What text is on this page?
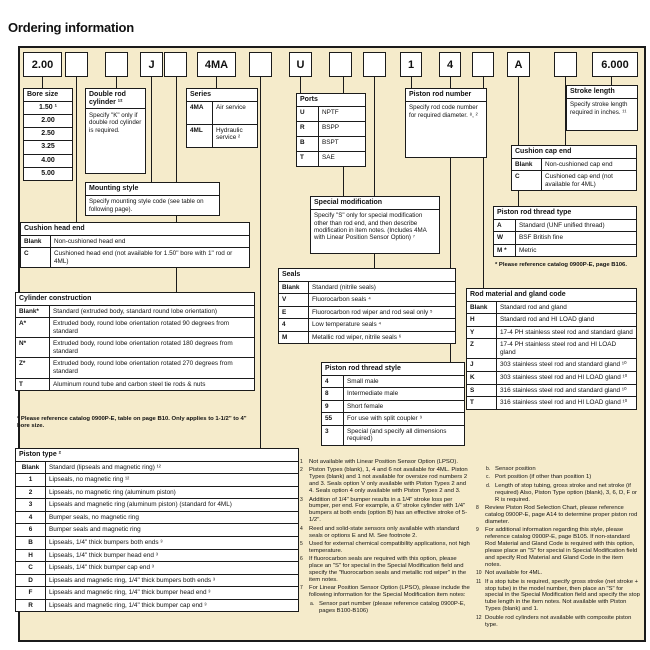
Ordering information
2.00	J	4MA	U	1	4	A	6.000
Bore size
1.50 ¹
2.00
2.50
3.25
4.00
5.00
Double rod cylinder ¹²
Specify "K" only if double rod cylinder is required.
Series
4MA	Air service
4ML	Hydraulic service ²
Ports
U	NPTF
R	BSPP
B	BSPT
T	SAE
Piston rod number
Specify rod code number for required diameter. ⁸, ²
Stroke length
Specify stroke length required in inches. ¹¹
Mounting style
Specify mounting style code (see table on following page).
Special modification
Specify "S" only for special modification other than rod end, and then describe modification in item notes. (Includes 4MA with Linear Position Sensor Option) ⁷
Cushion cap end
Blank	Non-cushioned cap end
C	Cushioned cap end (not available for 4ML)
Piston rod thread type
A	Standard (UNF unified thread)
W	BSF British fine
M *	Metric
* Please reference catalog 0900P-E, page B106.
Cushion head end
Blank	Non-cushioned head end
C	Cushioned head end (not available for 1.50" bore with 1" rod or 4ML)
Seals
Blank	Standard (nitrile seals)
V	Fluorocarbon seals ⁴
E	Fluorocarbon rod wiper and rod seal only ⁵
4	Low temperature seals ⁴
M	Metallic rod wiper, nitrile seals ⁶
Cylinder construction
Blank*	Standard (extruded body, standard round lobe orientation)
A*	Extruded body, round lobe orientation rotated 90 degrees from standard
N*	Extruded body, round lobe orientation rotated 180 degrees from standard
Z*	Extruded body, round lobe orientation rotated 270 degrees from standard
T	Aluminum round tube and carbon steel tie rods & nuts
* Please reference catalog 0900P-E, table on page B10. Only applies to 1-1/2" to 4" bore size.
Piston rod thread style
4	Small male
8	Intermediate male
9	Short female
55	For use with split coupler ⁹
3	Special (and specify all dimensions required)
Rod material and gland code
Blank	Standard rod and gland
H	Standard rod and HI LOAD gland
Y	17-4 PH stainless steel rod and standard gland
Z	17-4 PH stainless steel rod and HI LOAD gland
J	303 stainless steel rod and standard gland ¹⁰
K	303 stainless steel rod and HI LOAD gland ¹⁰
S	316 stainless steel rod and standard gland ¹⁰
T	316 stainless steel rod and HI LOAD gland ¹⁰
Piston type ²
Blank	Standard (lipseals and magnetic ring) ¹²
1	Lipseals, no magnetic ring ¹²
2	Lipseals, no magnetic ring (aluminum piston)
3	Lipseals and magnetic ring (aluminum piston) (standard for 4ML)
4	Bumper seals, no magnetic ring
6	Bumper seals and magnetic ring
B	Lipseals, 1/4" thick bumpers both ends ³
H	Lipseals, 1/4" thick bumper head end ³
C	Lipseals, 1/4" thick bumper cap end ³
D	Lipseals and magnetic ring, 1/4" thick bumpers both ends ³
F	Lipseals and magnetic ring, 1/4" thick bumper head end ³
R	Lipseals and magnetic ring, 1/4" thick bumper cap end ³
1	Not available with Linear Position Sensor Option (LPSO).
2	Piston Types (blank), 1, 4 and 6 not available for 4ML. Piston Types (blank) and 1 not available for oversize rod numbers 2 and 3. Seals option V only available with Piston Types 2 and 4. Seals option 4 only available with Piston Types 2 and 3.
3	Addition of 1/4" bumper results in a 1/4" stroke loss per bumper, per end. For example, a 6" stroke cylinder with 1/4" bumpers at both ends (option B) has an effective stroke of 5-1/2".
4	Reed and solid-state sensors only available with standard seals or options E and M. See footnote 2.
5	Used for external chemical compatibility applications, not high temperature.
6	If fluorocarbon seals are required with this option, please place an "S" for special in the Special Modification field and specify the "fluorocarbon seals and metallic rod wiper" in the item notes.
7	For Linear Position Sensor Option (LPSO), please include the following information for the Special Modification item notes:
a. Sensor part number (please reference catalog 0900P-E, pages B100-B106)
b. Sensor position
c. Port position (if other than position 1)
d. Length of stop tubing, gross stroke and net stroke (if required) Also, Piston Type option (blank), 3, 6, D, F or R is required.
8	Review Piston Rod Selection Chart, please reference catalog 0900P-E, page A14 to determine proper piston rod diameter.
9	For additional information regarding this style, please reference catalog 0900P-E, page B105. If non-standard Rod Material and Gland Code is required with this option, please place an "S" for special in Special Modification field and specify Rod Material and Gland Code in the item notes.
10 Not available for 4ML.
11 If a stop tube is required, specify gross stroke (net stroke + stop tube) in the model number, then place an "S" for special in the Special Modification field and specify the stop tube length in the item notes. Not available with Piston Types (blank) and 1.
12 Double rod cylinders not available with composite piston type.
